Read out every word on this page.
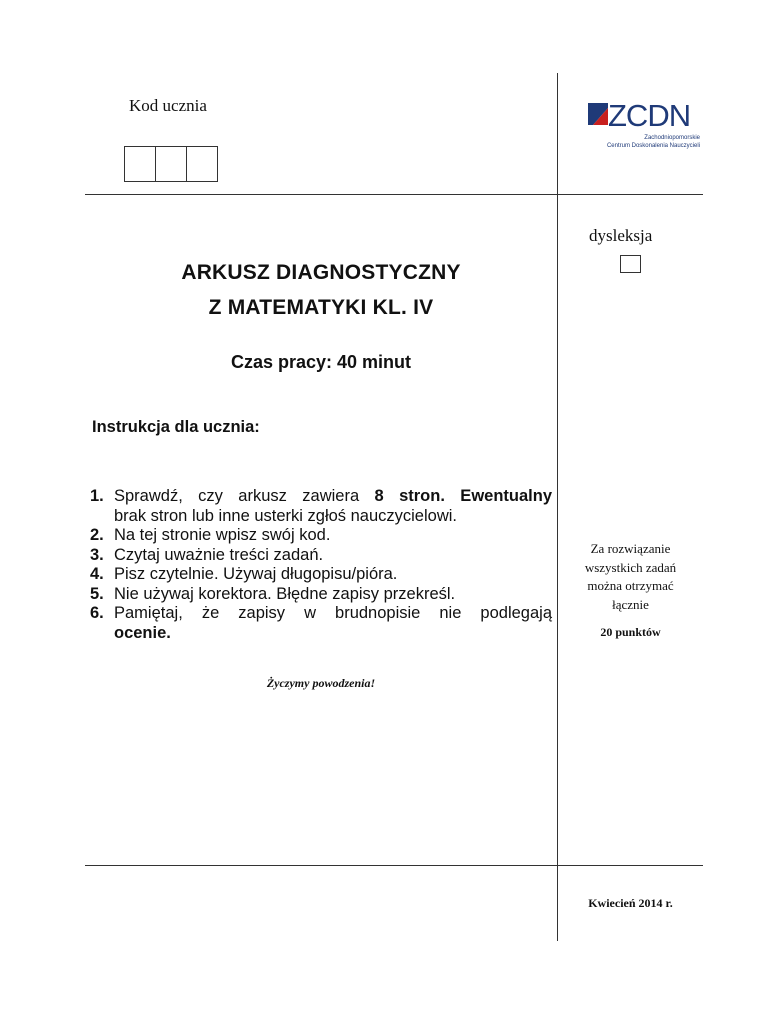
Kod ucznia	ZCDN
Zachodniopomorskie
Centrum Doskonalenia Nauczycieli
dysleksja
ARKUSZ DIAGNOSTYCZNY
Z MATEMATYKI KL. IV
Czas pracy: 40 minut
Instrukcja dla ucznia:
1. Sprawdź, czy arkusz zawiera 8 stron. Ewentualny
brak stron lub inne usterki zgłoś nauczycielowi.
2. Na tej stronie wpisz swój kod.
3. Czytaj uważnie treści zadań.
4. Pisz czytelnie. Używaj długopisu/pióra.
5. Nie używaj korektora. Błędne zapisy przekreśl.
6. Pamiętaj, że zapisy w brudnopisie nie podlegają
ocenie.
Życzymy powodzenia!
Za rozwiązanie
wszystkich zadań
można otrzymać
łącznie
20 punktów
Kwiecień 2014 r.
